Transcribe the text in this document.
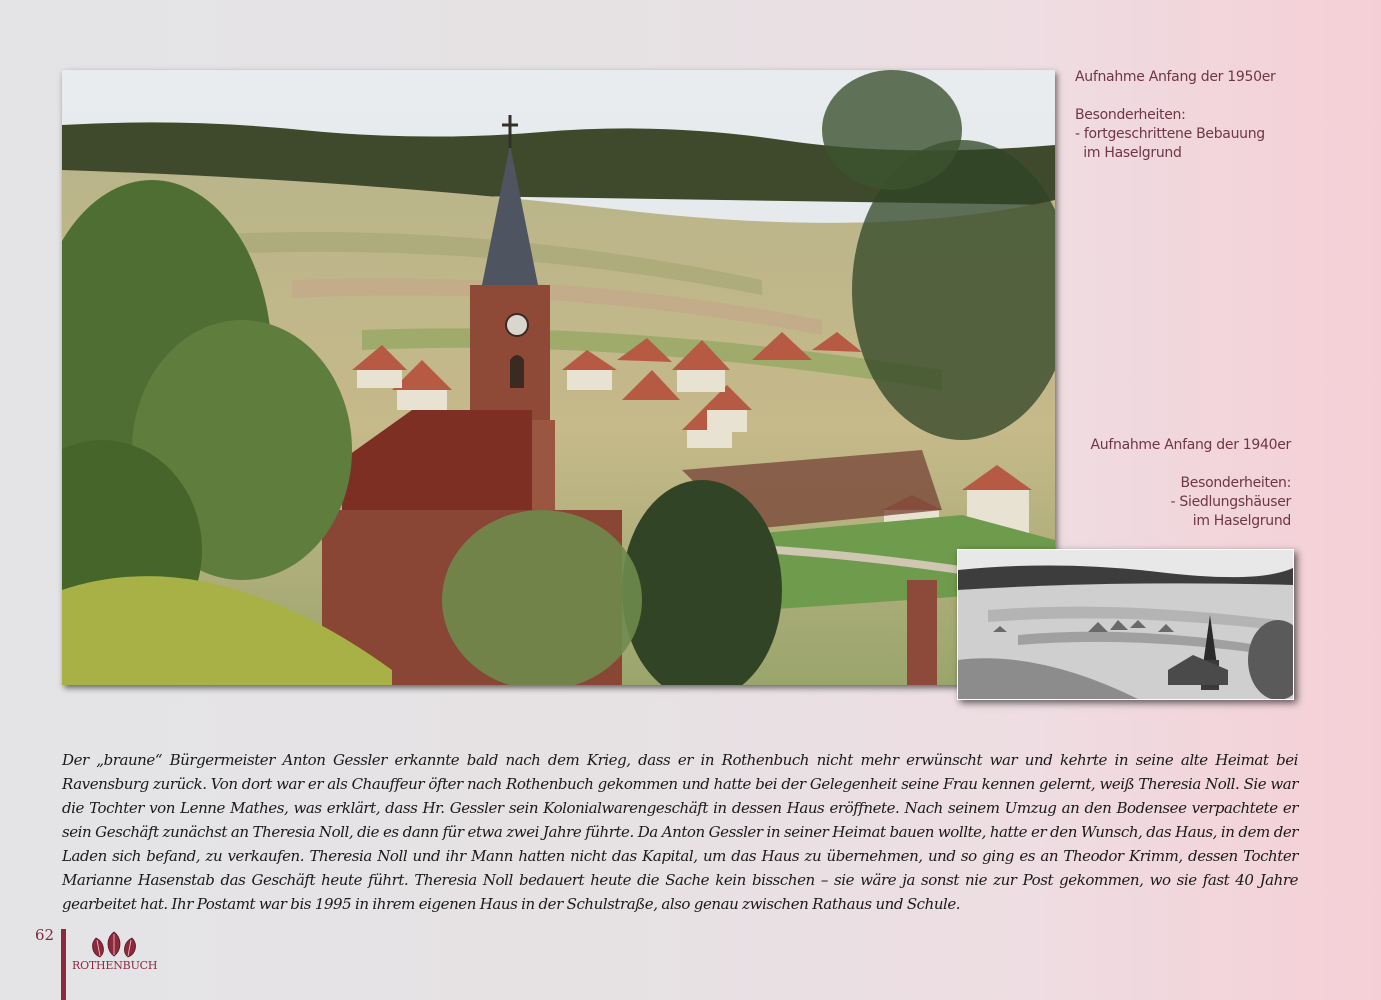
Aufnahme Anfang der 1950er
Besonderheiten:
- fortgeschrittene Bebauung
im Haselgrund
Aufnahme Anfang der 1940er
Besonderheiten:
- Siedlungshäuser
im Haselgrund

Der „braune“ Bürgermeister Anton Gessler erkannte bald nach dem Krieg, dass er in Rothenbuch nicht mehr erwünscht war und kehrte in seine alte Heimat bei Ravensburg zurück. Von dort war er als Chauffeur öfter nach Rothenbuch gekommen und hatte bei der Gelegenheit seine Frau kennen gelernt, weiß Theresia Noll. Sie war die Tochter von Lenne Mathes, was erklärt, dass Hr. Gessler sein Kolonialwarengeschäft in dessen Haus eröffnete. Nach seinem Umzug an den Bodensee verpachtete er sein Geschäft zunächst an Theresia Noll, die es dann für etwa zwei Jahre führte. Da Anton Gessler in seiner Heimat bauen wollte, hatte er den Wunsch, das Haus, in dem der Laden sich befand, zu verkaufen. Theresia Noll und ihr Mann hatten nicht das Kapital, um das Haus zu übernehmen, und so ging es an Theodor Krimm, dessen Tochter Marianne Hasenstab das Geschäft heute führt. Theresia Noll bedauert heute die Sache kein bisschen – sie wäre ja sonst nie zur Post gekommen, wo sie fast 40 Jahre gearbeitet hat. Ihr Postamt war bis 1995 in ihrem eigenen Haus in der Schulstraße, also genau zwischen Rathaus und Schule.

62
ROTHENBUCH
